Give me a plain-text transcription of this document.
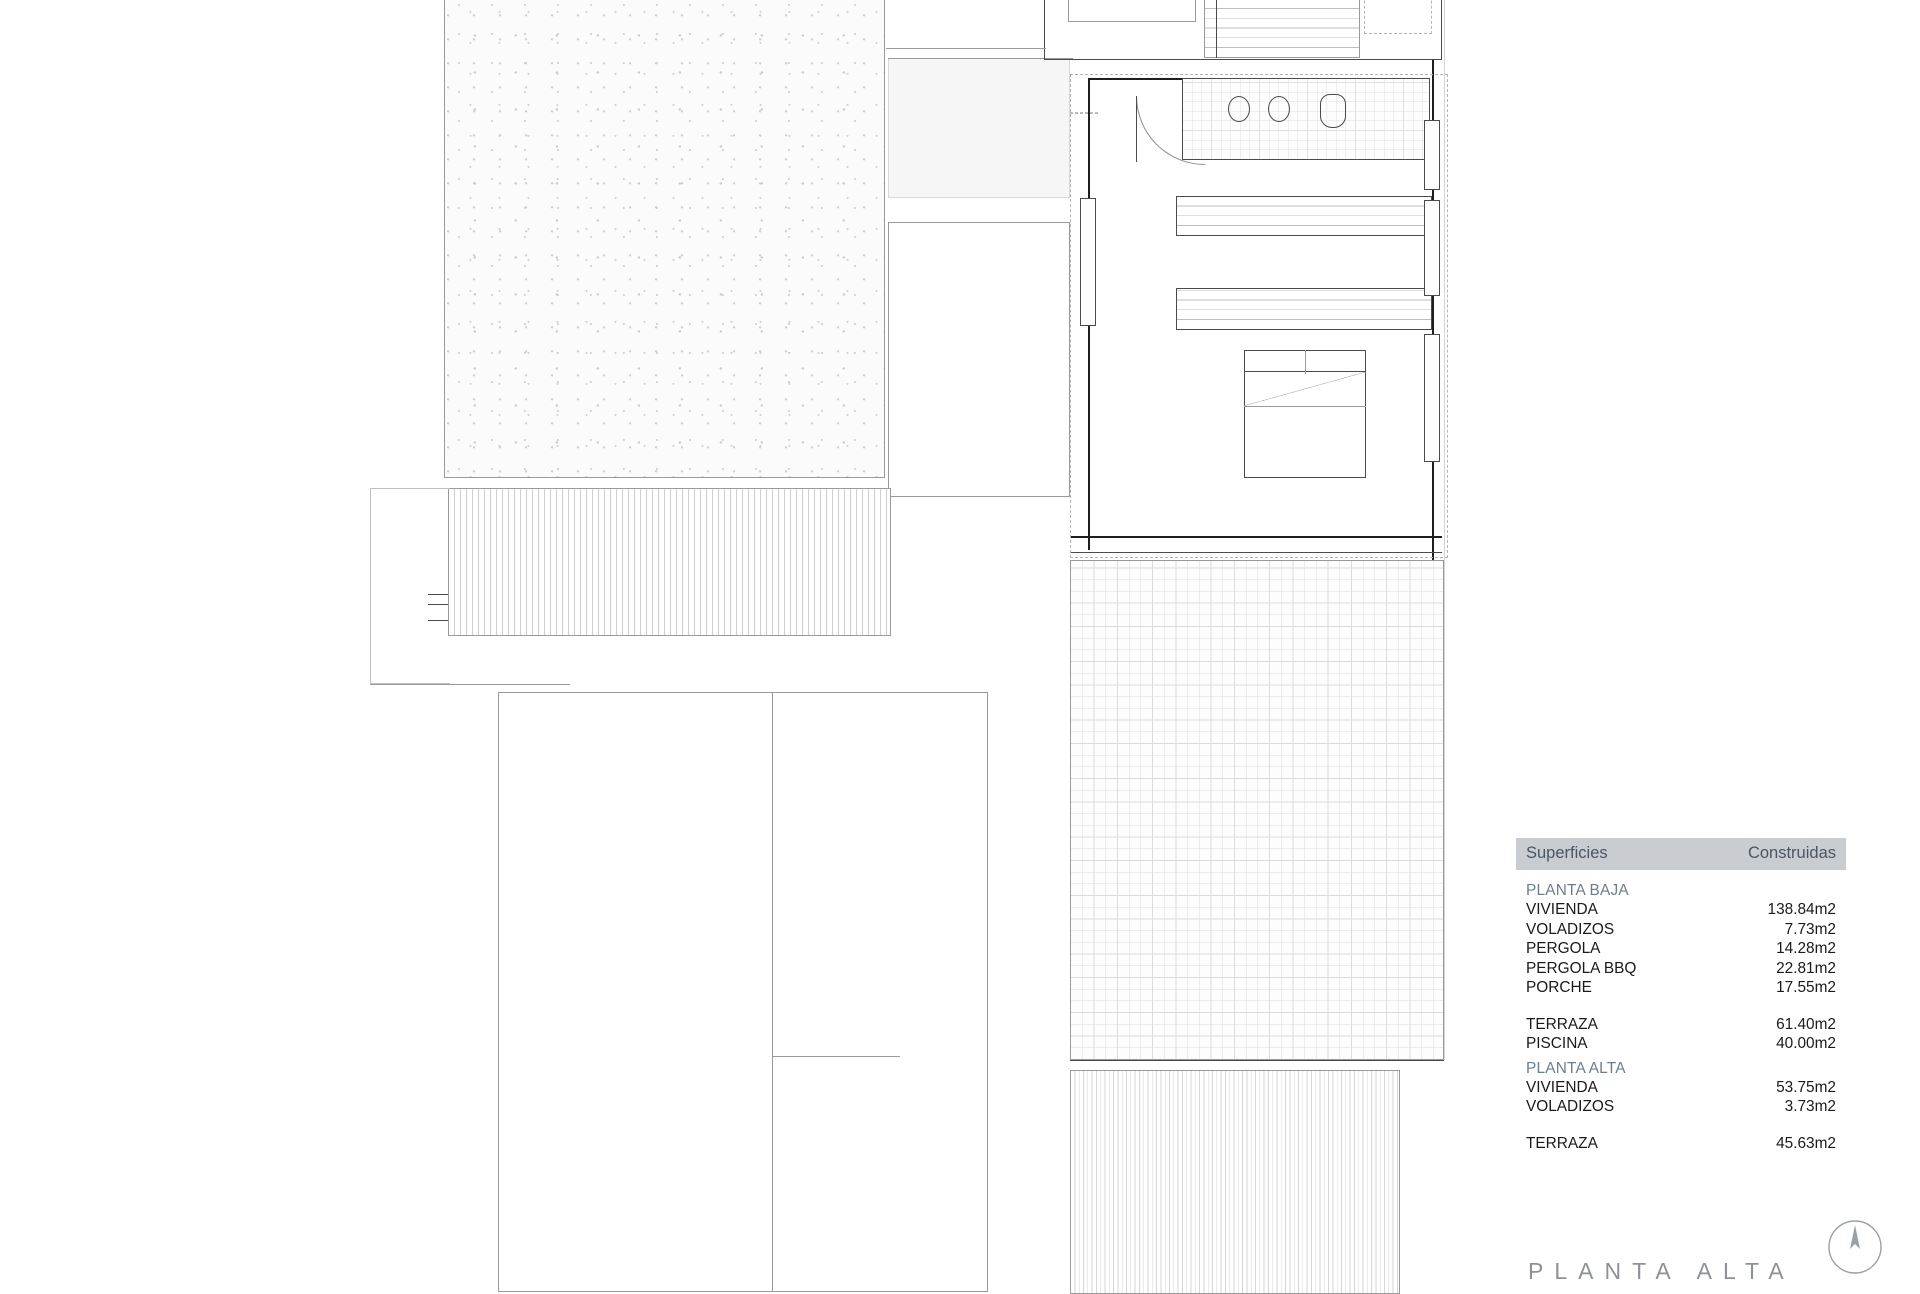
Superficies	Construidas
PLANTA BAJA
VIVIENDA	138.84m2
VOLADIZOS	7.73m2
PERGOLA	14.28m2
PERGOLA BBQ	22.81m2
PORCHE	17.55m2
TERRAZA	61.40m2
PISCINA	40.00m2
PLANTA ALTA
VIVIENDA	53.75m2
VOLADIZOS	3.73m2
TERRAZA	45.63m2
PLANTA ALTA
